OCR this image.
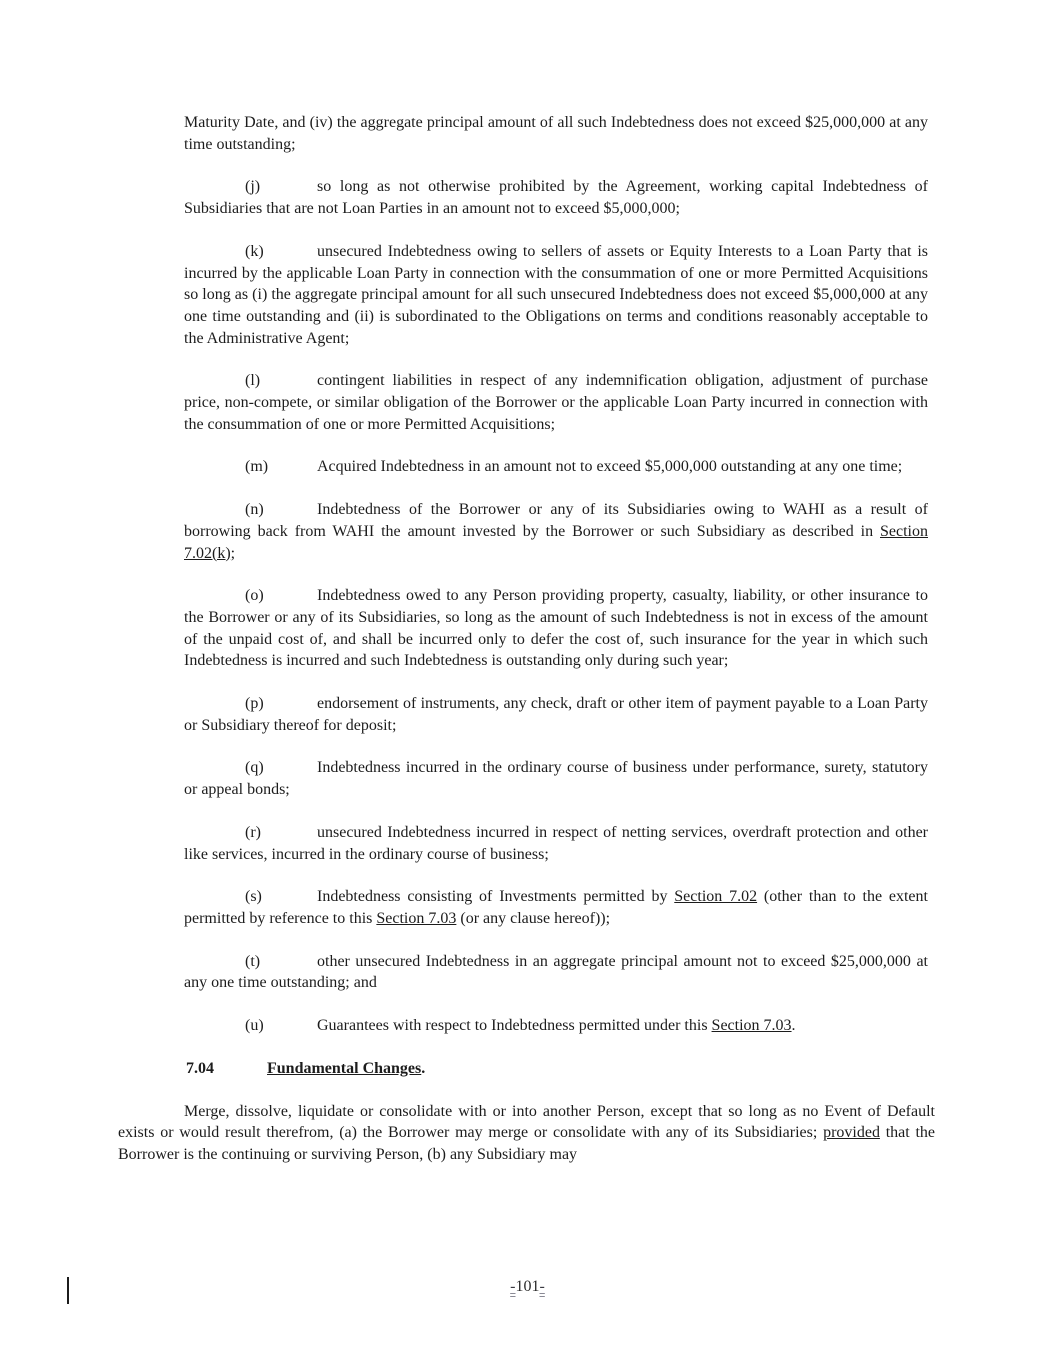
Maturity Date, and (iv) the aggregate principal amount of all such Indebtedness does not exceed $25,000,000 at any time outstanding;

(j)	so long as not otherwise prohibited by the Agreement, working capital Indebtedness of Subsidiaries that are not Loan Parties in an amount not to exceed $5,000,000;

(k)	unsecured Indebtedness owing to sellers of assets or Equity Interests to a Loan Party that is incurred by the applicable Loan Party in connection with the consummation of one or more Permitted Acquisitions so long as (i) the aggregate principal amount for all such unsecured Indebtedness does not exceed $5,000,000 at any one time outstanding and (ii) is subordinated to the Obligations on terms and conditions reasonably acceptable to the Administrative Agent;

(l)	contingent liabilities in respect of any indemnification obligation, adjustment of purchase price, non-compete, or similar obligation of the Borrower or the applicable Loan Party incurred in connection with the consummation of one or more Permitted Acquisitions;

(m)	Acquired Indebtedness in an amount not to exceed $5,000,000 outstanding at any one time;

(n)	Indebtedness of the Borrower or any of its Subsidiaries owing to WAHI as a result of borrowing back from WAHI the amount invested by the Borrower or such Subsidiary as described in Section 7.02(k);

(o)	Indebtedness owed to any Person providing property, casualty, liability, or other insurance to the Borrower or any of its Subsidiaries, so long as the amount of such Indebtedness is not in excess of the amount of the unpaid cost of, and shall be incurred only to defer the cost of, such insurance for the year in which such Indebtedness is incurred and such Indebtedness is outstanding only during such year;

(p)	endorsement of instruments, any check, draft or other item of payment payable to a Loan Party or Subsidiary thereof for deposit;

(q)	Indebtedness incurred in the ordinary course of business under performance, surety, statutory or appeal bonds;

(r)	unsecured Indebtedness incurred in respect of netting services, overdraft protection and other like services, incurred in the ordinary course of business;

(s)	Indebtedness consisting of Investments permitted by Section 7.02 (other than to the extent permitted by reference to this Section 7.03 (or any clause hereof));

(t)	other unsecured Indebtedness in an aggregate principal amount not to exceed $25,000,000 at any one time outstanding; and

(u)	Guarantees with respect to Indebtedness permitted under this Section 7.03.

7.04	Fundamental Changes.

Merge, dissolve, liquidate or consolidate with or into another Person, except that so long as no Event of Default exists or would result therefrom, (a) the Borrower may merge or consolidate with any of its Subsidiaries; provided that the Borrower is the continuing or surviving Person, (b) any Subsidiary may

-101-
